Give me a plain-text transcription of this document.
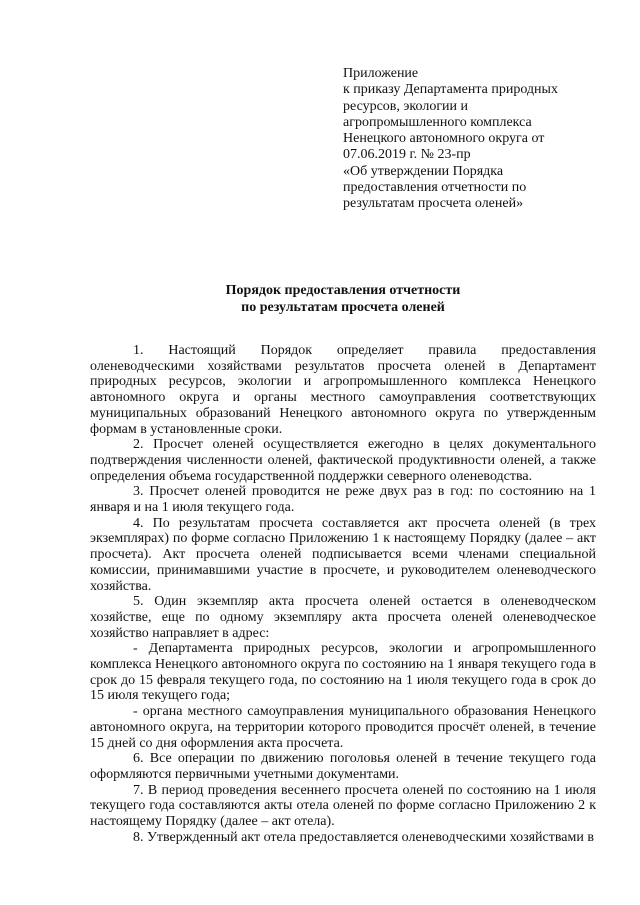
Приложение
к приказу Департамента природных
ресурсов, экологии и
агропромышленного комплекса
Ненецкого автономного округа от
07.06.2019 г. № 23-пр
«Об утверждении Порядка
предоставления отчетности по
результатам просчета оленей»
Порядок предоставления отчетности
по результатам просчета оленей

1. Настоящий Порядок определяет правила предоставления оленеводческими хозяйствами результатов просчета оленей в Департамент природных ресурсов, экологии и агропромышленного комплекса Ненецкого автономного округа и органы местного самоуправления соответствующих муниципальных образований Ненецкого автономного округа по утвержденным формам в установленные сроки.

2. Просчет оленей осуществляется ежегодно в целях документального подтверждения численности оленей, фактической продуктивности оленей, а также определения объема государственной поддержки северного оленеводства.

3. Просчет оленей проводится не реже двух раз в год: по состоянию на 1 января и на 1 июля текущего года.

4. По результатам просчета составляется акт просчета оленей (в трех экземплярах) по форме согласно Приложению 1 к настоящему Порядку (далее – акт просчета). Акт просчета оленей подписывается всеми членами специальной комиссии, принимавшими участие в просчете, и руководителем оленеводческого хозяйства.

5. Один экземпляр акта просчета оленей остается в оленеводческом хозяйстве, еще по одному экземпляру акта просчета оленей оленеводческое хозяйство направляет в адрес:

- Департамента природных ресурсов, экологии и агропромышленного комплекса Ненецкого автономного округа по состоянию на 1 января текущего года в срок до 15 февраля текущего года, по состоянию на 1 июля текущего года в срок до 15 июля текущего года;

- органа местного самоуправления муниципального образования Ненецкого автономного округа, на территории которого проводится просчёт оленей, в течение 15 дней со дня оформления акта просчета.

6. Все операции по движению поголовья оленей в течение текущего года оформляются первичными учетными документами.

7. В период проведения весеннего просчета оленей по состоянию на 1 июля текущего года составляются акты отела оленей по форме согласно Приложению 2 к настоящему Порядку (далее – акт отела).

8. Утвержденный акт отела предоставляется оленеводческими хозяйствами в
